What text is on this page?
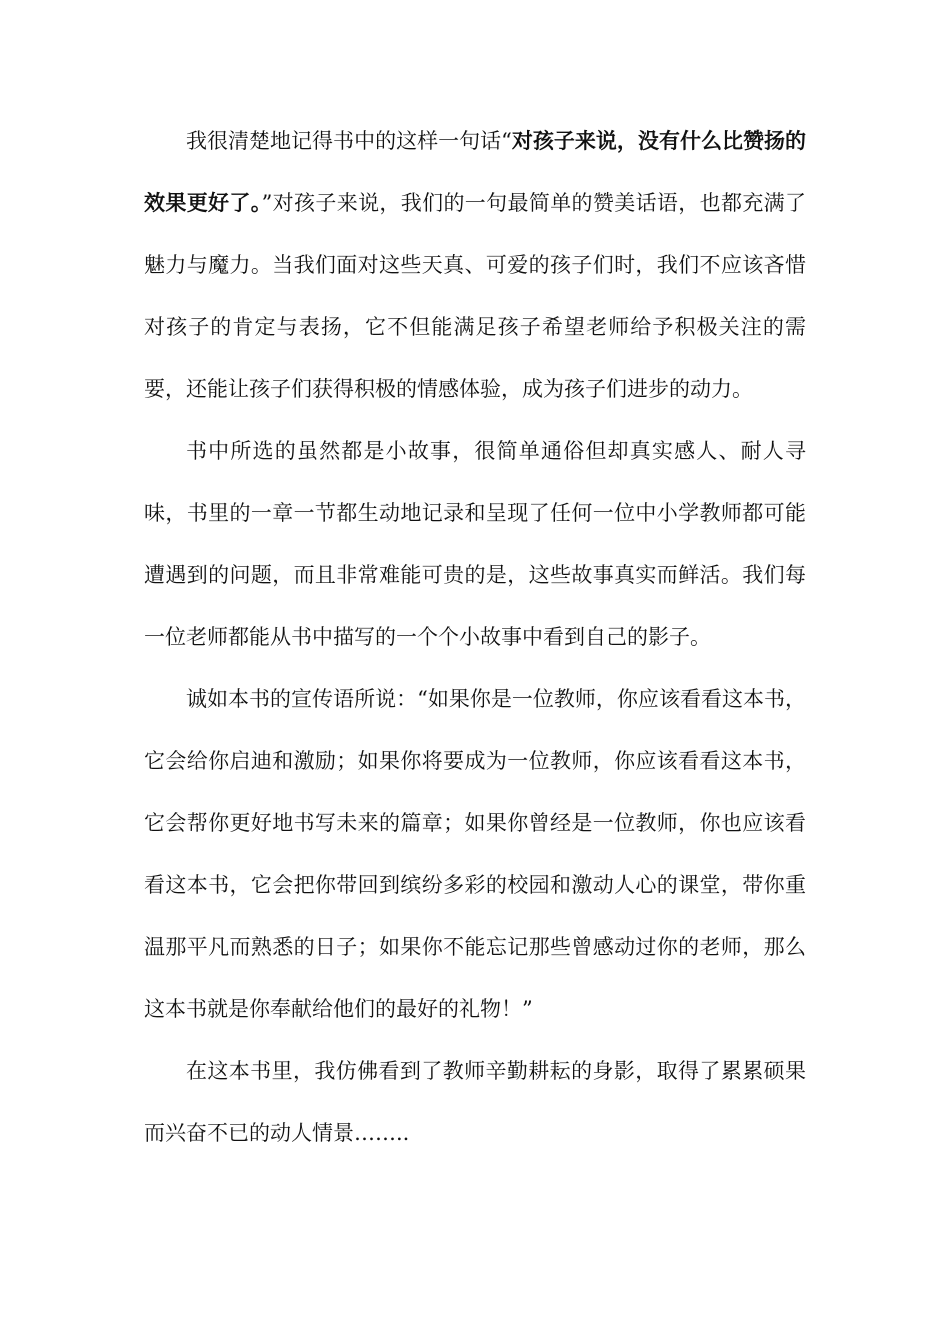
我很清楚地记得书中的这样一句话“对孩子来说，没有什么比赞扬的效果更好了。”对孩子来说，我们的一句最简单的赞美话语，也都充满了魅力与魔力。当我们面对这些天真、可爱的孩子们时，我们不应该吝惜对孩子的肯定与表扬，它不但能满足孩子希望老师给予积极关注的需要，还能让孩子们获得积极的情感体验，成为孩子们进步的动力。

书中所选的虽然都是小故事，很简单通俗但却真实感人、耐人寻味，书里的一章一节都生动地记录和呈现了任何一位中小学教师都可能遭遇到的问题，而且非常难能可贵的是，这些故事真实而鲜活。我们每一位老师都能从书中描写的一个个小故事中看到自己的影子。

诚如本书的宣传语所说：“如果你是一位教师，你应该看看这本书，它会给你启迪和激励；如果你将要成为一位教师，你应该看看这本书，它会帮你更好地书写未来的篇章；如果你曾经是一位教师，你也应该看看这本书，它会把你带回到缤纷多彩的校园和激动人心的课堂，带你重温那平凡而熟悉的日子；如果你不能忘记那些曾感动过你的老师，那么这本书就是你奉献给他们的最好的礼物！”

在这本书里，我仿佛看到了教师辛勤耕耘的身影，取得了累累硕果而兴奋不已的动人情景……..
